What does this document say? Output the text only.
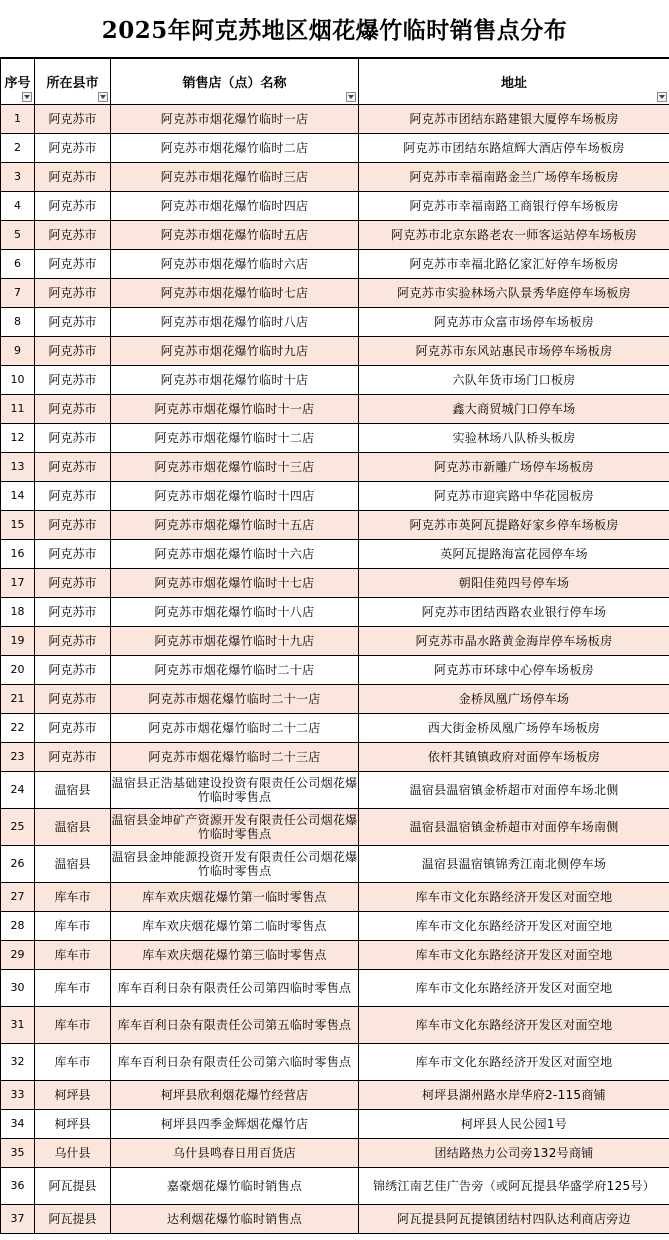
2025年阿克苏地区烟花爆竹临时销售点分布
序号	所在县市	销售店（点）名称	地址

1	阿克苏市	阿克苏市烟花爆竹临时一店	阿克苏市团结东路建银大厦停车场板房
2	阿克苏市	阿克苏市烟花爆竹临时二店	阿克苏市团结东路煊辉大酒店停车场板房
3	阿克苏市	阿克苏市烟花爆竹临时三店	阿克苏市幸福南路金兰广场停车场板房
4	阿克苏市	阿克苏市烟花爆竹临时四店	阿克苏市幸福南路工商银行停车场板房
5	阿克苏市	阿克苏市烟花爆竹临时五店	阿克苏市北京东路老农一师客运站停车场板房
6	阿克苏市	阿克苏市烟花爆竹临时六店	阿克苏市幸福北路亿家汇好停车场板房
7	阿克苏市	阿克苏市烟花爆竹临时七店	阿克苏市实验林场六队景秀华庭停车场板房
8	阿克苏市	阿克苏市烟花爆竹临时八店	阿克苏市众富市场停车场板房
9	阿克苏市	阿克苏市烟花爆竹临时九店	阿克苏市东风站惠民市场停车场板房
10	阿克苏市	阿克苏市烟花爆竹临时十店	六队年货市场门口板房
11	阿克苏市	阿克苏市烟花爆竹临时十一店	鑫大商贸城门口停车场
12	阿克苏市	阿克苏市烟花爆竹临时十二店	实验林场八队桥头板房
13	阿克苏市	阿克苏市烟花爆竹临时十三店	阿克苏市新雕广场停车场板房
14	阿克苏市	阿克苏市烟花爆竹临时十四店	阿克苏市迎宾路中华花园板房
15	阿克苏市	阿克苏市烟花爆竹临时十五店	阿克苏市英阿瓦提路好家乡停车场板房
16	阿克苏市	阿克苏市烟花爆竹临时十六店	英阿瓦提路海富花园停车场
17	阿克苏市	阿克苏市烟花爆竹临时十七店	朝阳佳苑四号停车场
18	阿克苏市	阿克苏市烟花爆竹临时十八店	阿克苏市团结西路农业银行停车场
19	阿克苏市	阿克苏市烟花爆竹临时十九店	阿克苏市晶水路黄金海岸停车场板房
20	阿克苏市	阿克苏市烟花爆竹临时二十店	阿克苏市环球中心停车场板房
21	阿克苏市	阿克苏市烟花爆竹临时二十一店	金桥凤凰广场停车场
22	阿克苏市	阿克苏市烟花爆竹临时二十二店	西大街金桥凤凰广场停车场板房
23	阿克苏市	阿克苏市烟花爆竹临时二十三店	依杆其镇镇政府对面停车场板房
24	温宿县	温宿县正浩基础建设投资有限责任公司烟花爆竹临时零售点	温宿县温宿镇金桥超市对面停车场北侧
25	温宿县	温宿县金坤矿产资源开发有限责任公司烟花爆竹临时零售点	温宿县温宿镇金桥超市对面停车场南侧
26	温宿县	温宿县金坤能源投资开发有限责任公司烟花爆竹临时零售点	温宿县温宿镇锦秀江南北侧停车场
27	库车市	库车欢庆烟花爆竹第一临时零售点	库车市文化东路经济开发区对面空地
28	库车市	库车欢庆烟花爆竹第二临时零售点	库车市文化东路经济开发区对面空地
29	库车市	库车欢庆烟花爆竹第三临时零售点	库车市文化东路经济开发区对面空地
30	库车市	库车百利日杂有限责任公司第四临时零售点	库车市文化东路经济开发区对面空地
31	库车市	库车百利日杂有限责任公司第五临时零售点	库车市文化东路经济开发区对面空地
32	库车市	库车百利日杂有限责任公司第六临时零售点	库车市文化东路经济开发区对面空地
33	柯坪县	柯坪县欣利烟花爆竹经营店	柯坪县湖州路水岸华府2-115商铺
34	柯坪县	柯坪县四季金辉烟花爆竹店	柯坪县人民公园1号
35	乌什县	乌什县鸣春日用百货店	团结路热力公司旁132号商铺
36	阿瓦提县	嘉豪烟花爆竹临时销售点	锦绣江南艺佳广告旁（或阿瓦提县华盛学府125号）
37	阿瓦提县	达利烟花爆竹临时销售点	阿瓦提县阿瓦提镇团结村四队达利商店旁边
